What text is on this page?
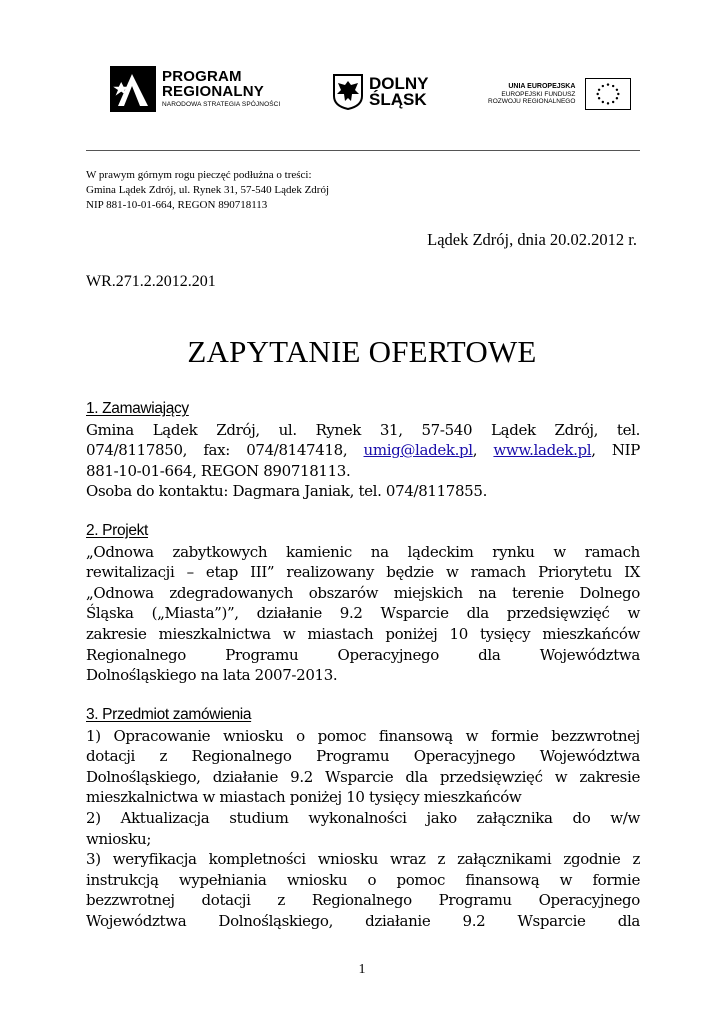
PROGRAM
REGIONALNY
NARODOWA STRATEGIA SPÓJNOŚCI
DOLNY
ŚLĄSK
UNIA EUROPEJSKA
EUROPEJSKI FUNDUSZ
ROZWOJU REGIONALNEGO
W prawym górnym rogu pieczęć podłużna o treści:
Gmina Lądek Zdrój, ul. Rynek 31, 57-540 Lądek Zdrój
NIP 881-10-01-664, REGON 890718113
Lądek Zdrój, dnia 20.02.2012 r.
WR.271.2.2012.201
ZAPYTANIE OFERTOWE
1. Zamawiający
Gmina Lądek Zdrój, ul. Rynek 31, 57-540 Lądek Zdrój, tel.
074/8117850, fax: 074/8147418, umig@ladek.pl, www.ladek.pl, NIP
881-10-01-664, REGON 890718113.
Osoba do kontaktu: Dagmara Janiak, tel. 074/8117855.
2. Projekt
„Odnowa zabytkowych kamienic na lądeckim rynku w ramach
rewitalizacji – etap III” realizowany będzie w ramach Priorytetu IX
„Odnowa zdegradowanych obszarów miejskich na terenie Dolnego
Śląska („Miasta”)”, działanie 9.2 Wsparcie dla przedsięwzięć w
zakresie mieszkalnictwa w miastach poniżej 10 tysięcy mieszkańców
Regionalnego Programu Operacyjnego dla Województwa
Dolnośląskiego na lata 2007-2013.
3. Przedmiot zamówienia
1) Opracowanie wniosku o pomoc finansową w formie bezzwrotnej
dotacji z Regionalnego Programu Operacyjnego Województwa
Dolnośląskiego, działanie 9.2 Wsparcie dla przedsięwzięć w zakresie
mieszkalnictwa w miastach poniżej 10 tysięcy mieszkańców
2) Aktualizacja studium wykonalności jako załącznika do w/w
wniosku;
3) weryfikacja kompletności wniosku wraz z załącznikami zgodnie z
instrukcją wypełniania wniosku o pomoc finansową w formie
bezzwrotnej dotacji z Regionalnego Programu Operacyjnego
Województwa Dolnośląskiego, działanie 9.2 Wsparcie dla
1
